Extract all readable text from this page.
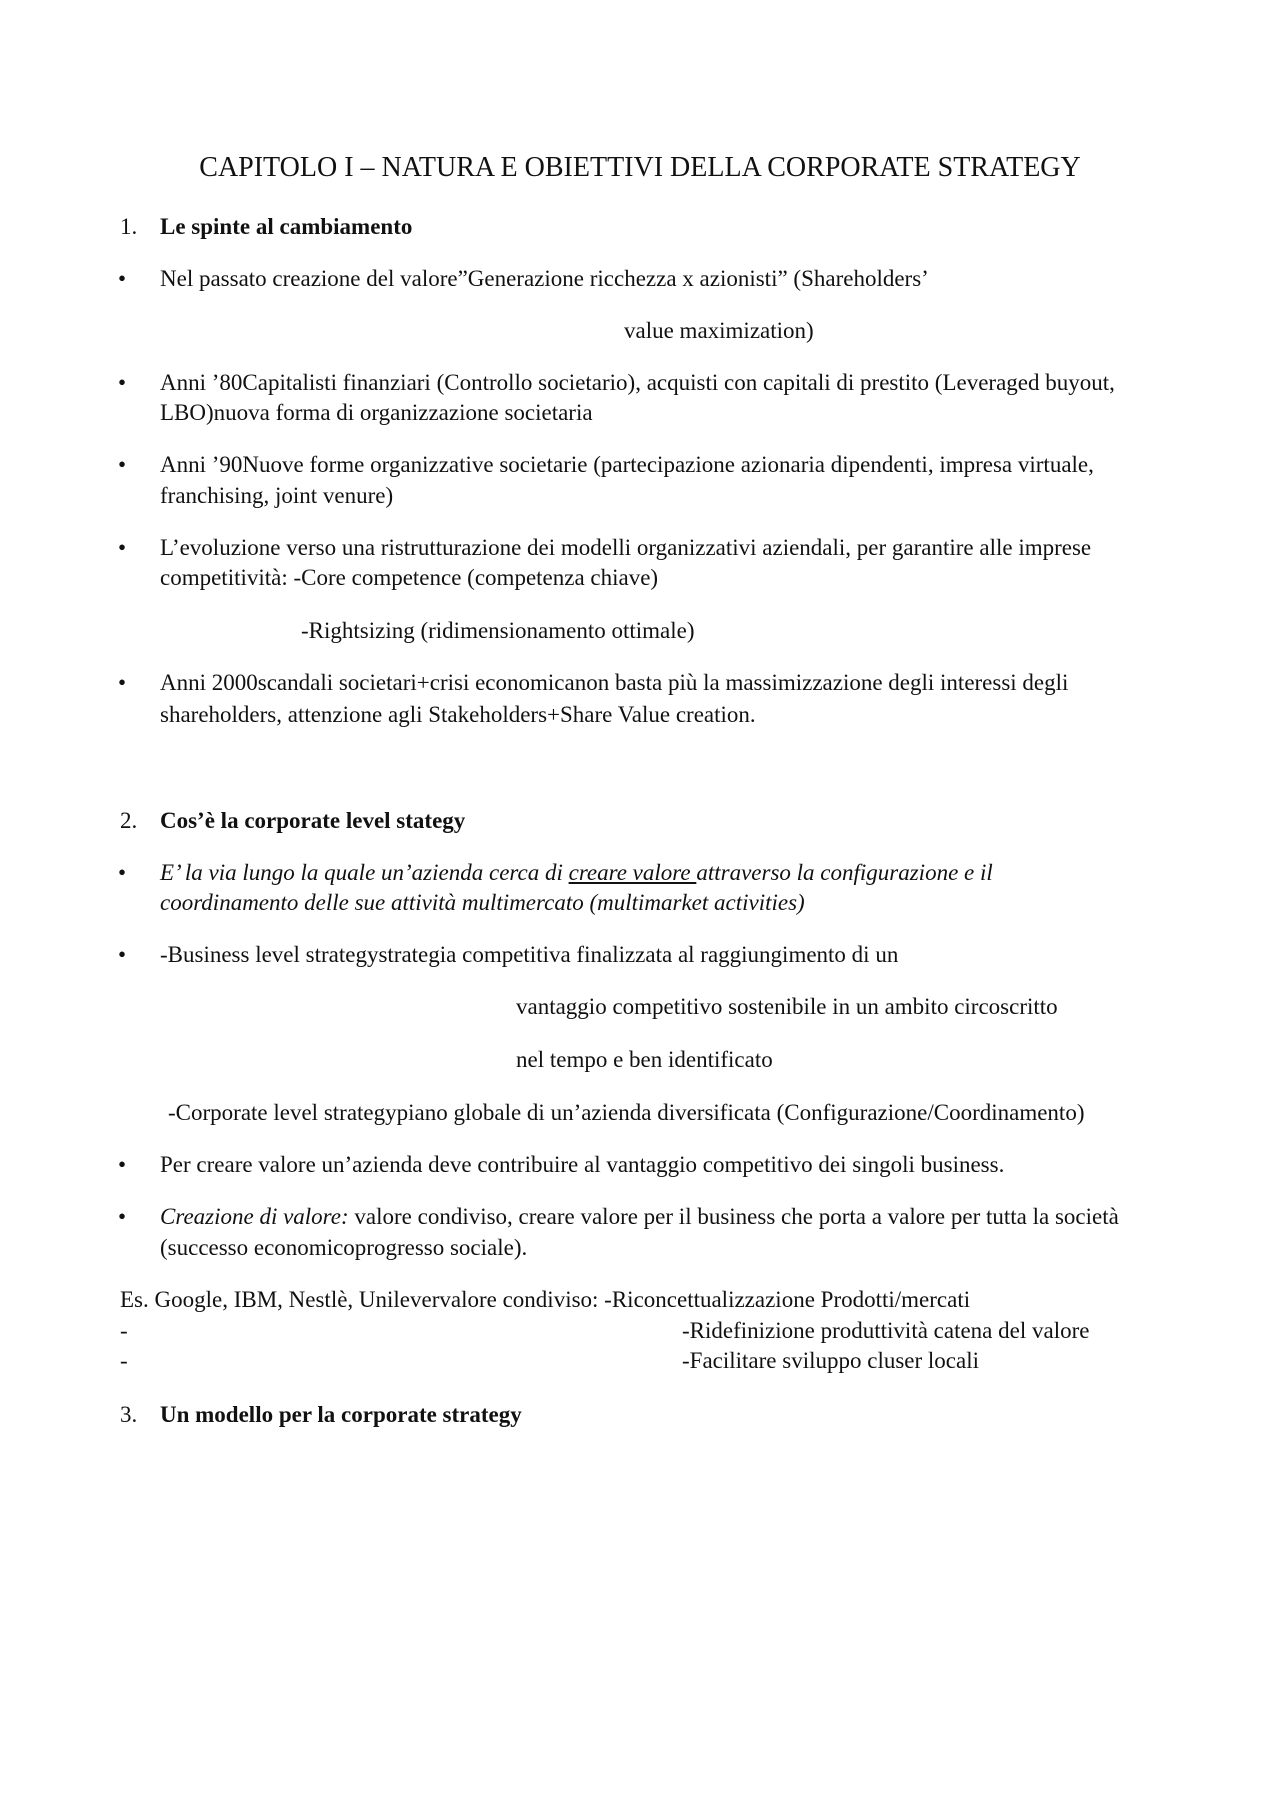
CAPITOLO I – NATURA E OBIETTIVI DELLA CORPORATE STRATEGY
1. Le spinte al cambiamento
• Nel passato creazione del valore”Generazione ricchezza x azionisti” (Shareholders’
value maximization)
• Anni ’80Capitalisti finanziari (Controllo societario), acquisti con capitali di prestito (Leveraged buyout,
LBO)nuova forma di organizzazione societaria
• Anni ’90Nuove forme organizzative societarie (partecipazione azionaria dipendenti, impresa virtuale,
franchising, joint venure)
• L’evoluzione verso una ristrutturazione dei modelli organizzativi aziendali, per garantire alle imprese
competitività: -Core competence (competenza chiave)
-Rightsizing (ridimensionamento ottimale)
• Anni 2000scandali societari+crisi economicanon basta più la massimizzazione degli interessi degli
shareholders, attenzione agli Stakeholders+Share Value creation.
2. Cos’è la corporate level stategy
• E’ la via lungo la quale un’azienda cerca di creare valore attraverso la configurazione e il
coordinamento delle sue attività multimercato (multimarket activities)
• -Business level strategystrategia competitiva finalizzata al raggiungimento di un
vantaggio competitivo sostenibile in un ambito circoscritto
nel tempo e ben identificato
-Corporate level strategypiano globale di un’azienda diversificata (Configurazione/Coordinamento)
• Per creare valore un’azienda deve contribuire al vantaggio competitivo dei singoli business.
• Creazione di valore: valore condiviso, creare valore per il business che porta a valore per tutta la società
(successo economicoprogresso sociale).
Es. Google, IBM, Nestlè, Unilevervalore condiviso: -Riconcettualizzazione Prodotti/mercati
-	-Ridefinizione produttività catena del valore
-	-Facilitare sviluppo cluser locali
3. Un modello per la corporate strategy
